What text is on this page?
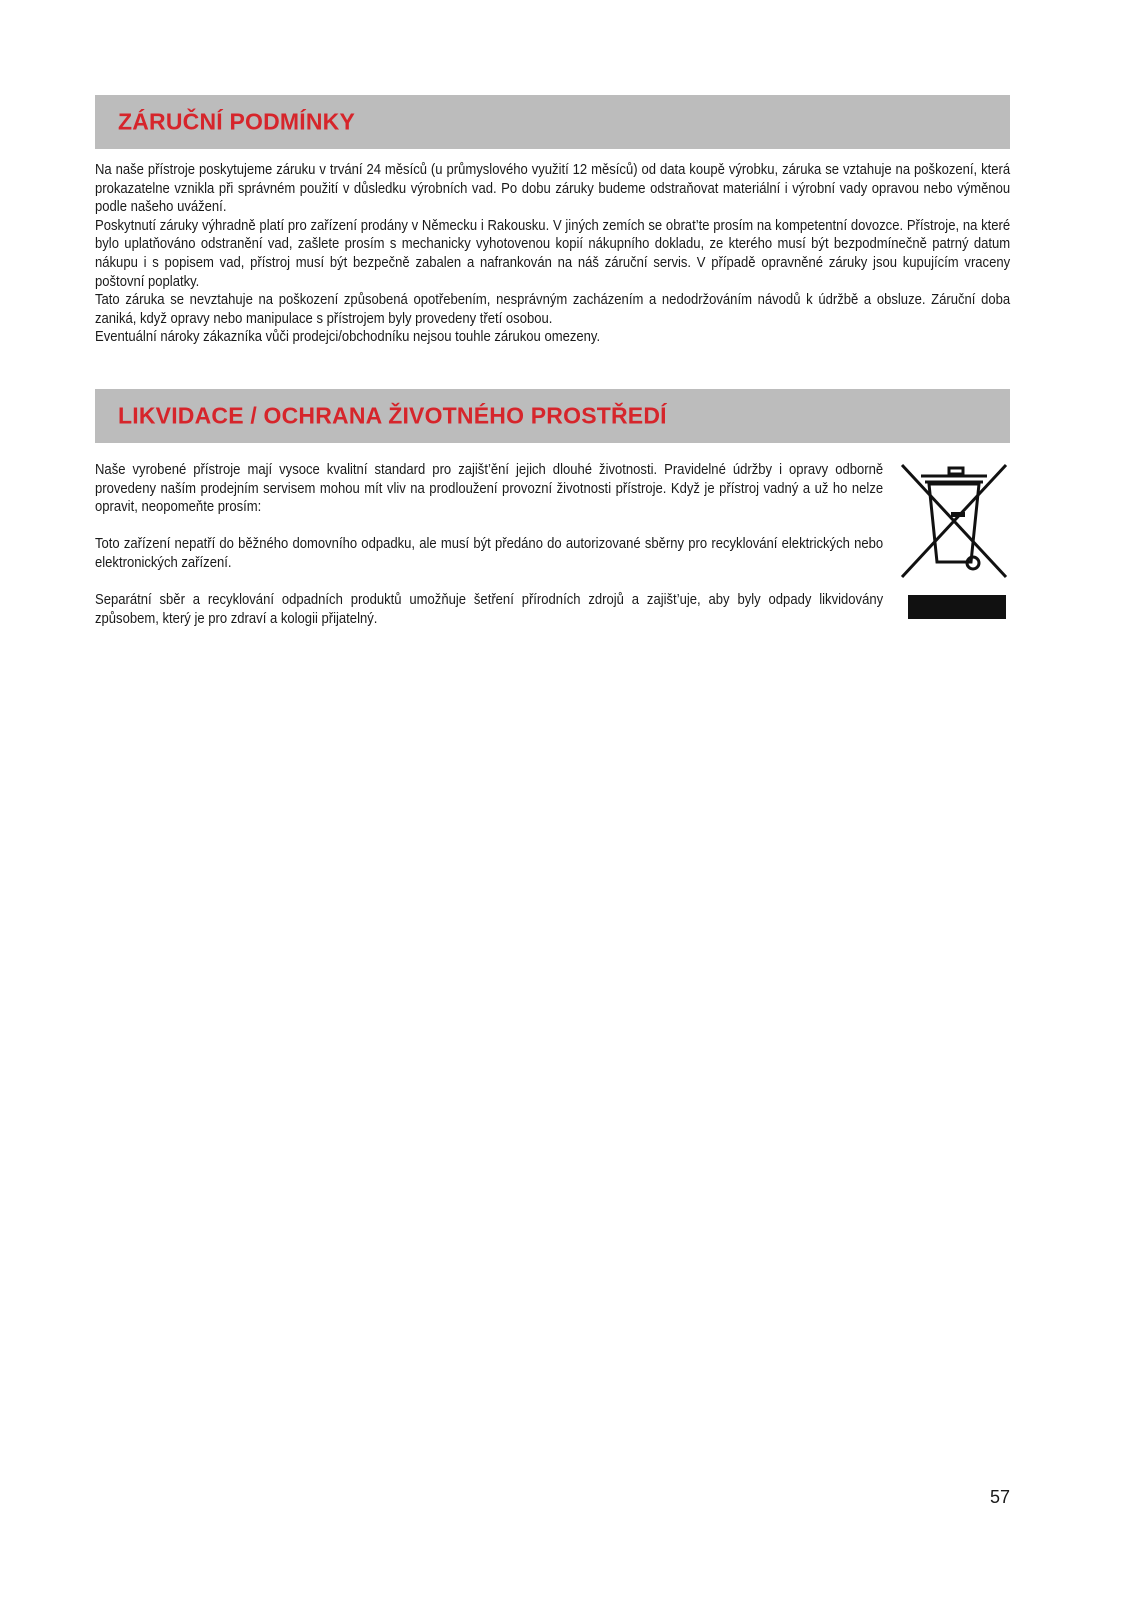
ZÁRUČNÍ PODMÍNKY

Na naše přístroje poskytujeme záruku v trvání 24 měsíců (u průmyslového využití 12 měsíců) od data koupě výrobku, záruka se vztahuje na poškození, která prokazatelne vznikla při správném použití v důsledku výrobních vad. Po dobu záruky budeme odstraňovat materiální i výrobní vady opravou nebo výměnou podle našeho uvážení.

Poskytnutí záruky výhradně platí pro zařízení prodány v Německu i Rakousku. V jiných zemích se obrat’te prosím na kompetentní dovozce. Přístroje, na které bylo uplatňováno odstranění vad, zašlete prosím s mechanicky vyhotovenou kopií nákupního dokladu, ze kterého musí být bezpodmínečně patrný datum nákupu i s popisem vad, přístroj musí být bezpečně zabalen a nafrankován na náš záruční servis. V případě opravněné záruky jsou kupujícím vraceny poštovní poplatky.

Tato záruka se nevztahuje na poškození způsobená opotřebením, nesprávným zacházením a nedodržováním návodů k údržbě a obsluze. Záruční doba zaniká, když opravy nebo manipulace s přístrojem byly provedeny třetí osobou.

Eventuální nároky zákazníka vůči prodejci/obchodníku nejsou touhle zárukou omezeny.

LIKVIDACE / OCHRANA ŽIVOTNÉHO PROSTŘEDÍ

Naše vyrobené přístroje mají vysoce kvalitní standard pro zajišt’ění jejich dlouhé životnosti. Pravidelné údržby i opravy odborně provedeny naším prodejním servisem mohou mít vliv na prodloužení provozní životnosti přístroje. Když je přístroj vadný a už ho nelze opravit, neopomeňte prosím:

Toto zařízení nepatří do běžného domovního odpadku, ale musí být předáno do autorizované sběrny pro recyklování elektrických nebo elektronických zařízení.

Separátní sběr a recyklování odpadních produktů umožňuje šetření přírodních zdrojů a zajišt’uje, aby byly odpady likvidovány způsobem, který je pro zdraví a kologii přijatelný.

57
